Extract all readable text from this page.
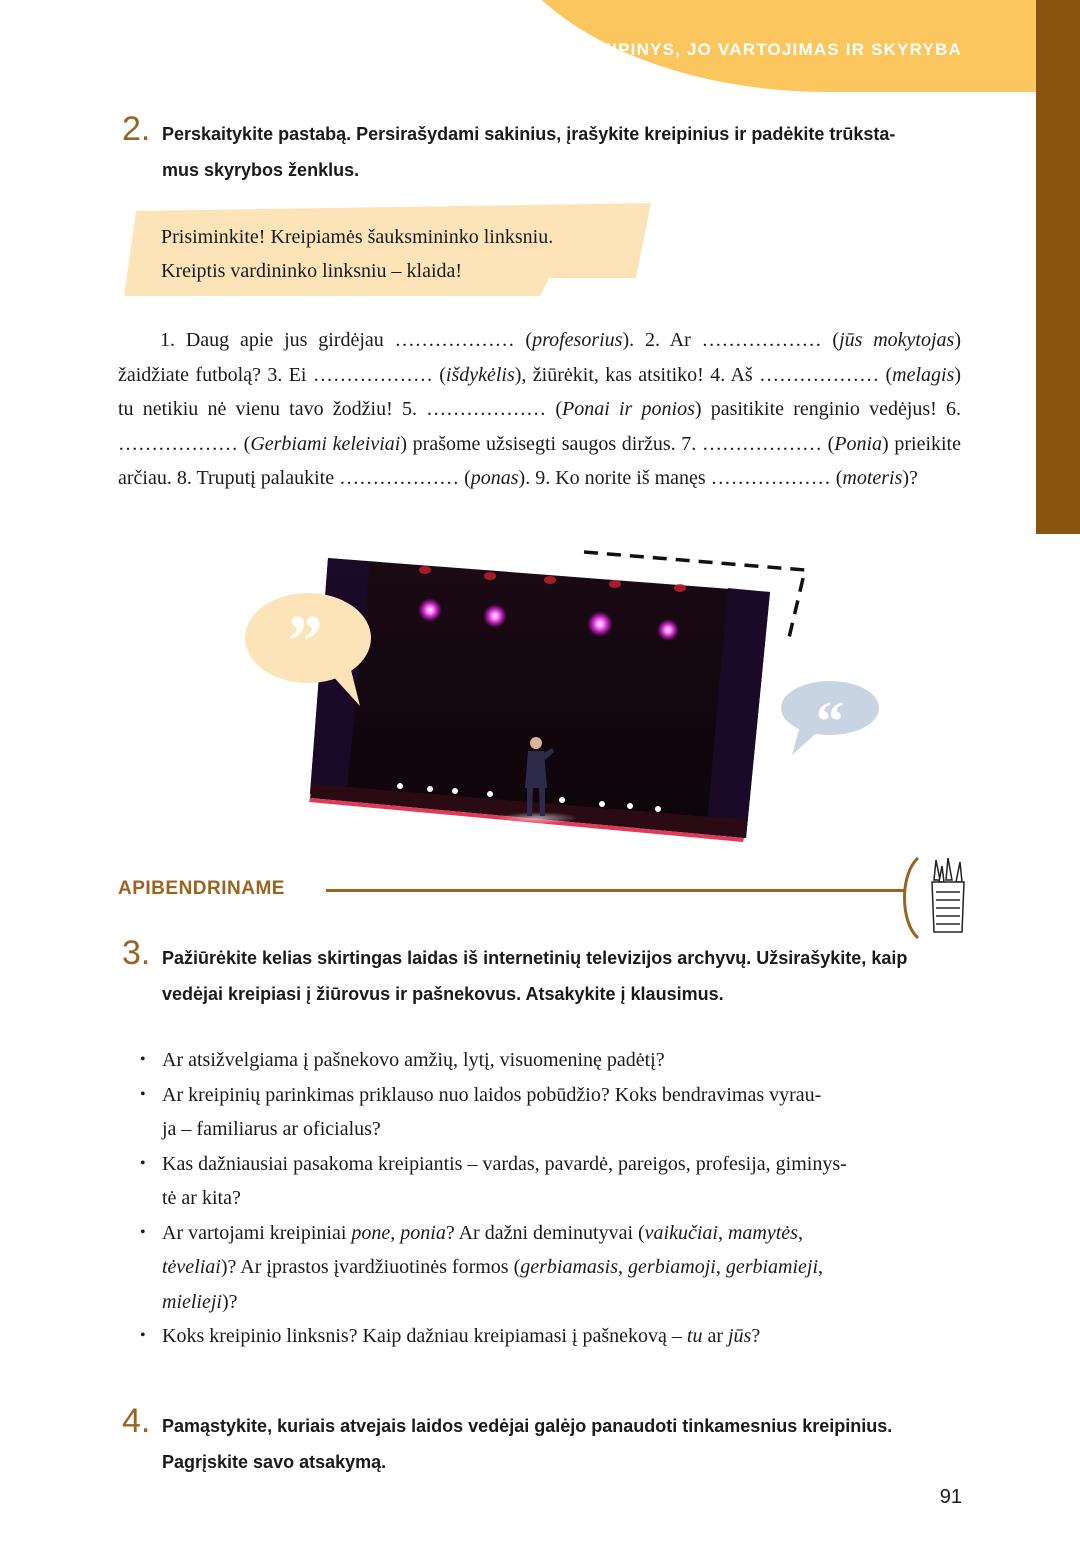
KREIPINYS, JO VARTOJIMAS IR SKYRYBA
2. Perskaitykite pastabą. Persirašydami sakinius, įrašykite kreipinius ir padėkite trūksta-
mus skyrybos ženklus.
Prisiminkite! Kreipiamės šauksmininko linksniu.
Kreiptis vardininko linksniu – klaida!
1. Daug apie jus girdėjau ……………… (profesorius). 2. Ar ……………… (jūs mokytojas) žaidžiate futbolą? 3. Ei ……………… (išdykėlis), žiūrėkit, kas atsitiko! 4. Aš ……………… (melagis) tu netikiu nė vienu tavo žodžiu! 5. ……………… (Ponai ir ponios) pasitikite renginio vedėjus! 6. ……………… (Gerbiami keleiviai) prašome užsisegti saugos diržus. 7. ……………… (Ponia) prieikite arčiau. 8. Truputį palaukite ……………… (ponas). 9. Ko norite iš manęs ……………… (moteris)?
”
“
APIBENDRINAME
3. Pažiūrėkite kelias skirtingas laidas iš internetinių televizijos archyvų. Užsirašykite, kaip
vedėjai kreipiasi į žiūrovus ir pašnekovus. Atsakykite į klausimus.
• Ar atsižvelgiama į pašnekovo amžių, lytį, visuomeninę padėtį?
• Ar kreipinių parinkimas priklauso nuo laidos pobūdžio? Koks bendravimas vyrau-
ja – familiarus ar oficialus?
• Kas dažniausiai pasakoma kreipiantis – vardas, pavardė, pareigos, profesija, giminys-
tė ar kita?
• Ar vartojami kreipiniai pone, ponia? Ar dažni deminutyvai (vaikučiai, mamytės,
tėveliai)? Ar įprastos įvardžiuotinės formos (gerbiamasis, gerbiamoji, gerbiamieji,
mielieji)?
• Koks kreipinio linksnis? Kaip dažniau kreipiamasi į pašnekovą – tu ar jūs?
4. Pamąstykite, kuriais atvejais laidos vedėjai galėjo panaudoti tinkamesnius kreipinius.
Pagrįskite savo atsakymą.
91
